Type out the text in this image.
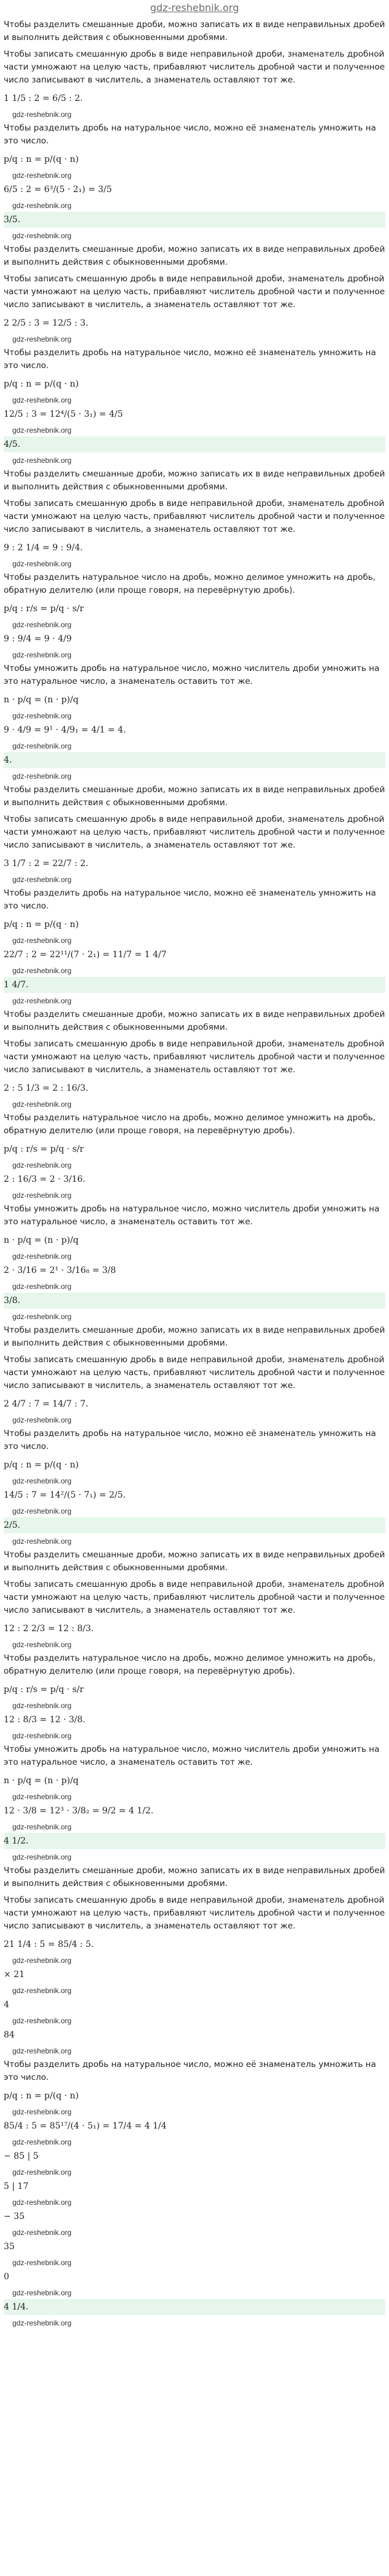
gdz-reshebnik.org
Чтобы разделить смешанные дроби, можно записать их в виде неправильных дробей и выполнить действия с обыкновенными дробями.
Чтобы записать смешанную дробь в виде неправильной дроби, знаменатель дробной части умножают на целую часть, прибавляют числитель дробной части и полученное число записывают в числитель, а знаменатель оставляют тот же.
1 1/5 : 2 = 6/5 : 2.
gdz-reshebnik.org
Чтобы разделить дробь на натуральное число, можно её знаменатель умножить на это число.
p/q : n = p/(q · n)
gdz-reshebnik.org
6/5 : 2 = 6³/(5 · 2₁) = 3/5
gdz-reshebnik.org
3/5.
gdz-reshebnik.org
Чтобы разделить смешанные дроби, можно записать их в виде неправильных дробей и выполнить действия с обыкновенными дробями.
Чтобы записать смешанную дробь в виде неправильной дроби, знаменатель дробной части умножают на целую часть, прибавляют числитель дробной части и полученное число записывают в числитель, а знаменатель оставляют тот же.
2 2/5 : 3 = 12/5 : 3.
gdz-reshebnik.org
Чтобы разделить дробь на натуральное число, можно её знаменатель умножить на это число.
p/q : n = p/(q · n)
gdz-reshebnik.org
12/5 : 3 = 12⁴/(5 · 3₁) = 4/5
gdz-reshebnik.org
4/5.
gdz-reshebnik.org
Чтобы разделить смешанные дроби, можно записать их в виде неправильных дробей и выполнить действия с обыкновенными дробями.
Чтобы записать смешанную дробь в виде неправильной дроби, знаменатель дробной части умножают на целую часть, прибавляют числитель дробной части и полученное число записывают в числитель, а знаменатель оставляют тот же.
9 : 2 1/4 = 9 : 9/4.
gdz-reshebnik.org
Чтобы разделить натуральное число на дробь, можно делимое умножить на дробь, обратную делителю (или проще говоря, на перевёрнутую дробь).
p/q : r/s = p/q · s/r
gdz-reshebnik.org
9 : 9/4 = 9 · 4/9
gdz-reshebnik.org
Чтобы умножить дробь на натуральное число, можно числитель дроби умножить на это натуральное число, а знаменатель оставить тот же.
n · p/q = (n · p)/q
gdz-reshebnik.org
9 · 4/9 = 9¹ · 4/9₁ = 4/1 = 4.
gdz-reshebnik.org
4.
gdz-reshebnik.org
Чтобы разделить смешанные дроби, можно записать их в виде неправильных дробей и выполнить действия с обыкновенными дробями.
Чтобы записать смешанную дробь в виде неправильной дроби, знаменатель дробной части умножают на целую часть, прибавляют числитель дробной части и полученное число записывают в числитель, а знаменатель оставляют тот же.
3 1/7 : 2 = 22/7 : 2.
gdz-reshebnik.org
Чтобы разделить дробь на натуральное число, можно её знаменатель умножить на это число.
p/q : n = p/(q · n)
gdz-reshebnik.org
22/7 : 2 = 22¹¹/(7 · 2₁) = 11/7 = 1 4/7
gdz-reshebnik.org
1 4/7.
gdz-reshebnik.org
Чтобы разделить смешанные дроби, можно записать их в виде неправильных дробей и выполнить действия с обыкновенными дробями.
Чтобы записать смешанную дробь в виде неправильной дроби, знаменатель дробной части умножают на целую часть, прибавляют числитель дробной части и полученное число записывают в числитель, а знаменатель оставляют тот же.
2 : 5 1/3 = 2 : 16/3.
gdz-reshebnik.org
Чтобы разделить натуральное число на дробь, можно делимое умножить на дробь, обратную делителю (или проще говоря, на перевёрнутую дробь).
p/q : r/s = p/q · s/r
gdz-reshebnik.org
2 : 16/3 = 2 · 3/16.
gdz-reshebnik.org
Чтобы умножить дробь на натуральное число, можно числитель дроби умножить на это натуральное число, а знаменатель оставить тот же.
n · p/q = (n · p)/q
gdz-reshebnik.org
2 · 3/16 = 2¹ · 3/16₈ = 3/8
gdz-reshebnik.org
3/8.
gdz-reshebnik.org
Чтобы разделить смешанные дроби, можно записать их в виде неправильных дробей и выполнить действия с обыкновенными дробями.
Чтобы записать смешанную дробь в виде неправильной дроби, знаменатель дробной части умножают на целую часть, прибавляют числитель дробной части и полученное число записывают в числитель, а знаменатель оставляют тот же.
2 4/7 : 7 = 14/7 : 7.
gdz-reshebnik.org
Чтобы разделить дробь на натуральное число, можно её знаменатель умножить на это число.
p/q : n = p/(q · n)
gdz-reshebnik.org
14/5 : 7 = 14²/(5 · 7₁) = 2/5.
gdz-reshebnik.org
2/5.
gdz-reshebnik.org
Чтобы разделить смешанные дроби, можно записать их в виде неправильных дробей и выполнить действия с обыкновенными дробями.
Чтобы записать смешанную дробь в виде неправильной дроби, знаменатель дробной части умножают на целую часть, прибавляют числитель дробной части и полученное число записывают в числитель, а знаменатель оставляют тот же.
12 : 2 2/3 = 12 : 8/3.
gdz-reshebnik.org
Чтобы разделить натуральное число на дробь, можно делимое умножить на дробь, обратную делителю (или проще говоря, на перевёрнутую дробь).
p/q : r/s = p/q · s/r
gdz-reshebnik.org
12 : 8/3 = 12 · 3/8.
gdz-reshebnik.org
Чтобы умножить дробь на натуральное число, можно числитель дроби умножить на это натуральное число, а знаменатель оставить тот же.
n · p/q = (n · p)/q
gdz-reshebnik.org
12 · 3/8 = 12³ · 3/8₂ = 9/2 = 4 1/2.
gdz-reshebnik.org
4 1/2.
gdz-reshebnik.org
Чтобы разделить смешанные дроби, можно записать их в виде неправильных дробей и выполнить действия с обыкновенными дробями.
Чтобы записать смешанную дробь в виде неправильной дроби, знаменатель дробной части умножают на целую часть, прибавляют числитель дробной части и полученное число записывают в числитель, а знаменатель оставляют тот же.
21 1/4 : 5 = 85/4 : 5.
gdz-reshebnik.org
× 21
gdz-reshebnik.org
4
gdz-reshebnik.org
84
gdz-reshebnik.org
Чтобы разделить дробь на натуральное число, можно её знаменатель умножить на это число.
p/q : n = p/(q · n)
gdz-reshebnik.org
85/4 : 5 = 85¹⁷/(4 · 5₁) = 17/4 = 4 1/4
gdz-reshebnik.org
− 85 | 5
gdz-reshebnik.org
5 | 17
gdz-reshebnik.org
− 35
gdz-reshebnik.org
35
gdz-reshebnik.org
0
gdz-reshebnik.org
4 1/4.
gdz-reshebnik.org
